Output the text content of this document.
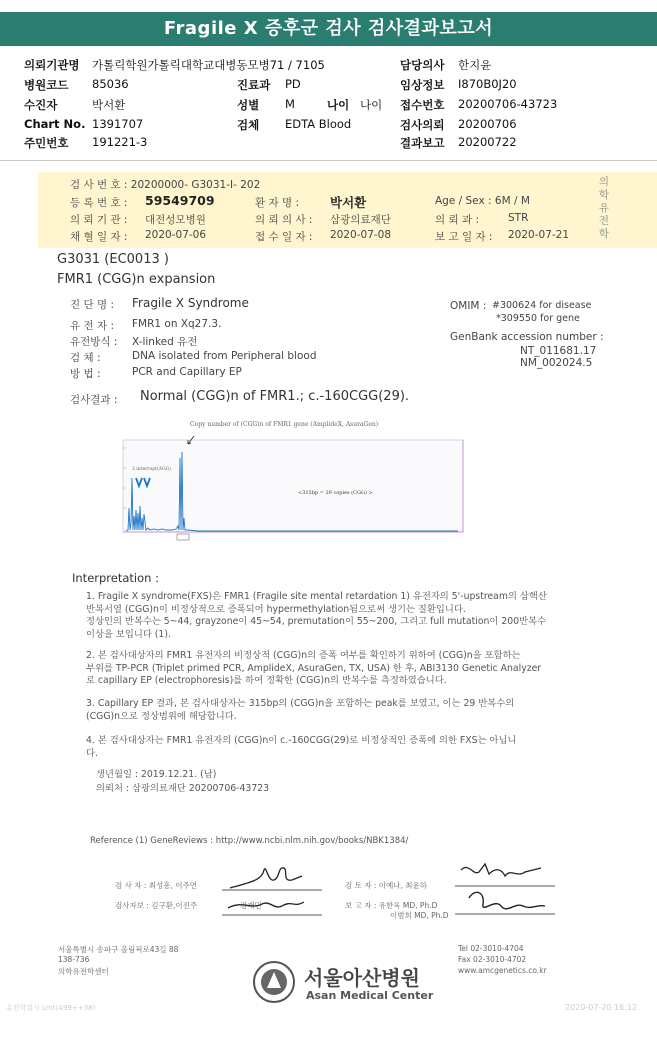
Fragile X 증후군 검사 검사결과보고서
의뢰기관명 가톨릭학원가톨릭대학교대병동모병71 / 7105	담당의사 한지윤
병원코드 85036	진료과 PD	임상정보 I870B0J20
수진자	박서환	성별 M	나이 나이 접수번호 20200706-43723
Chart No. 1391707	검체 EDTA Blood	검사의뢰 20200706
주민번호 191221-3	결과보고 20200722
검 사 번 호 : 20200000- G3031-I- 202
등 록 번 호 : 59549709	환 자 명 : 박서환	Age / Sex : 6M / M
의 뢰 기 관 : 대전성모병원	의 뢰 의 사 : 삼광의료재단	의 뢰 과 :	STR
채 혈 일 자 : 2020-07-06	접 수 일 자 : 2020-07-08	보 고 일 자 : 2020-07-21
의학유전학
G3031 (EC0013 )
FMR1 (CGG)n expansion
진 단 명 : Fragile X Syndrome
유 전 자 : FMR1 on Xq27.3.
유전방식 : X-linked 유전
검 체 :	DNA isolated from Peripheral blood
방 법 :	PCR and Capillary EP
OMIM : #300624 for disease
*309550 for gene
GenBank accession number :
NT_011681.17
NM_002024.5
검사결과 : Normal (CGG)n of FMR1.; c.-160CGG(29).
Copy number of (CGG)n of FMR1 gene (AmplideX, AsuraGen)
2 interrupt(AGG)
<315bp = 29 copies (CGG) >
Interpretation :
1. Fragile X syndrome(FXS)은 FMR1 (Fragile site mental retardation 1) 유전자의 5'-upstream의 삼핵산
반복서열 (CGG)n이 비정상적으로 증폭되어 hypermethylation됨으로써 생기는 질환입니다.
정상인의 반복수는 5~44, grayzone이 45~54, premutation이 55~200, 그리고 full mutation이 200반복수
이상을 보입니다 (1).
2. 본 검사대상자의 FMR1 유전자의 비정상적 (CGG)n의 증폭 여부를 확인하기 위하여 (CGG)n을 포함하는
부위를 TP-PCR (Triplet primed PCR, AmplideX, AsuraGen, TX, USA) 한 후, ABI3130 Genetic Analyzer
로 capillary EP (electrophoresis)를 하여 정확한 (CGG)n의 반복수를 측정하였습니다.
3. Capillary EP 결과, 본 검사대상자는 315bp의 (CGG)n을 포함하는 peak를 보였고, 이는 29 반복수의
(CGG)n으로 정상범위에 해당합니다.
4. 본 검사대상자는 FMR1 유전자의 (CGG)n이 c.-160CGG(29)로 비정상적인 증폭에 의한 FXS는 아닙니
다.
생년월일 : 2019.12.21. (남)
의뢰처 : 삼광의료재단 20200706-43723
Reference (1) GeneReviews : http://www.ncbi.nlm.nih.gov/books/NBK1384/
검 사 자 : 최성흥, 이주연
검사자보 : 김구환,이진주                  김재민
검 토 자 : 이예나, 최윤하
보 고 자 : 유한욱 MD, Ph.D
이범희 MD, Ph.D
서울특별시 송파구 올림픽로43길 88
138-736
의학유전학센터	서울아산병원
Asan Medical Center
Tel 02-3010-4704
Fax 02-3010-4702
www.amcgenetics.co.kr
유전학검사 Lmt(A99++38)	2020-07-20 16:12
